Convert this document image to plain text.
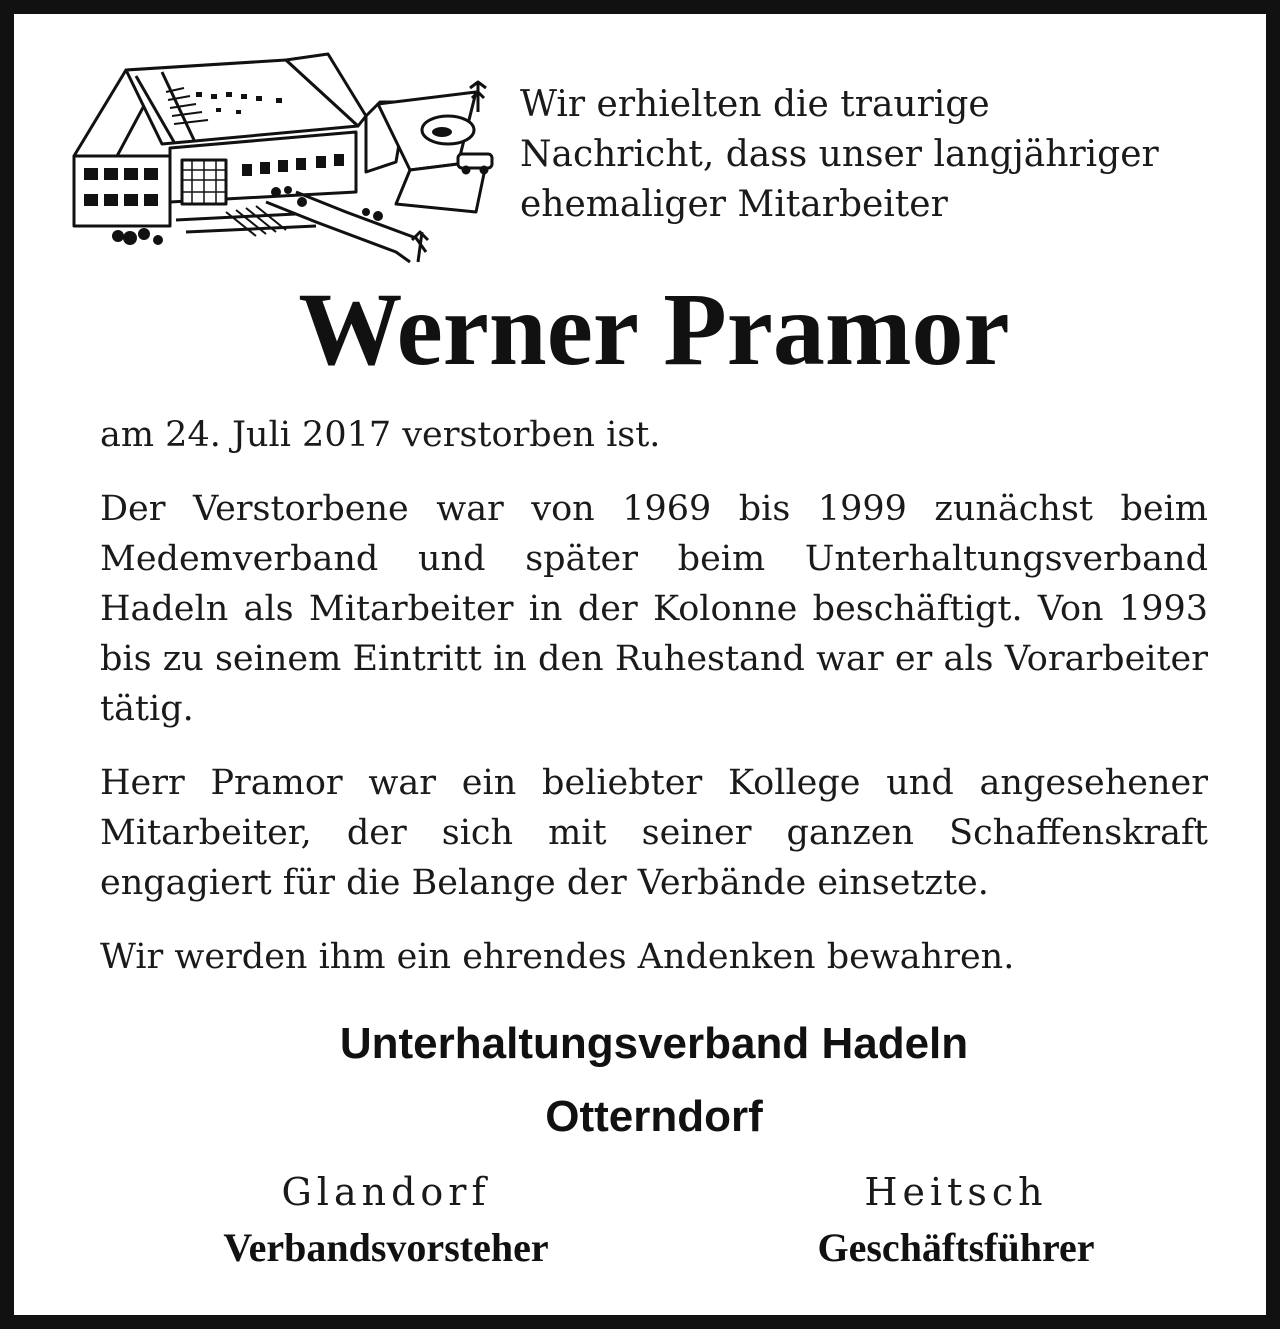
Wir erhielten die traurige
Nachricht, dass unser langjähriger
ehemaliger Mitarbeiter
Werner Pramor

am 24. Juli 2017 verstorben ist.

Der Verstorbene war von 1969 bis 1999 zunächst beim Medemverband und später beim Unterhaltungsverband Hadeln als Mitarbeiter in der Kolonne beschäftigt. Von 1993 bis zu seinem Eintritt in den Ruhestand war er als Vorarbeiter tätig.

Herr Pramor war ein beliebter Kollege und angesehener Mitarbeiter, der sich mit seiner ganzen Schaffenskraft engagiert für die Belange der Verbände einsetzte.

Wir werden ihm ein ehrendes Andenken bewahren.

Unterhaltungsverband Hadeln
Otterndorf
Glandorf
Verbandsvorsteher
Heitsch
Geschäftsführer
